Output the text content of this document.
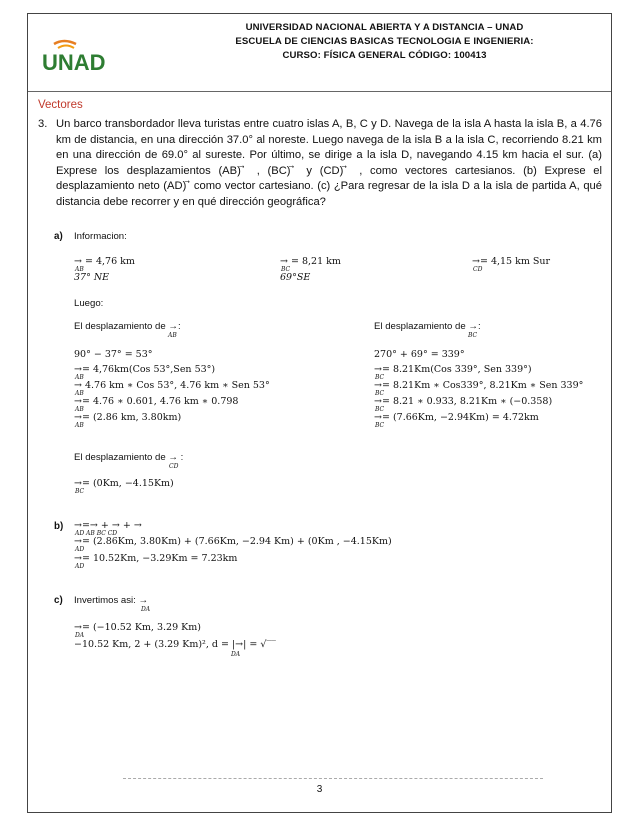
UNAD
UNIVERSIDAD NACIONAL ABIERTA Y A DISTANCIA – UNAD
ESCUELA DE CIENCIAS BASICAS TECNOLOGIA E INGENIERIA:
CURSO: FÍSICA GENERAL CÓDIGO: 100413
Vectores
3. Un barco transbordador lleva turistas entre cuatro islas A, B, C y D. Navega de la isla A hasta la isla B, a 4.76 km de distancia, en una dirección 37.0° al noreste. Luego navega de la isla B a la isla C, recorriendo 8.21 km en una dirección de 69.0° al sureste. Por último, se dirige a la isla D, navegando 4.15 km hacia el sur. (a) Exprese los desplazamientos (AB) ⃗ , (BC) ⃗ y (CD) ⃗ , como vectores cartesianos. (b) Exprese el desplazamiento neto (AD) ⃗ como vector cartesiano. (c) ¿Para regresar de la isla D a la isla de partida A, qué distancia debe recorrer y en qué dirección geográfica?
a) Informacion:
→ = 4,76 km
AB
37° NE
→ = 8,21 km
BC
69°SE
→= 4,15 km Sur
CD
Luego:
El desplazamiento de →:
AB
El desplazamiento de →:
BC
90° − 37° = 53°
→= 4,76km(Cos 53°,Sen 53°)
AB
→ 4.76 km ∗ Cos 53°, 4.76 km ∗ Sen 53°
AB
→= 4.76 ∗ 0.601, 4.76 km ∗ 0.798
AB
→= (2.86 km, 3.80km)
AB
270° + 69° = 339°
→= 8.21Km(Cos 339°, Sen 339°)
BC
→= 8.21Km ∗ Cos339°, 8.21Km ∗ Sen 339°
BC
→= 8.21 ∗ 0.933, 8.21Km ∗ (−0.358)
BC
→= (7.66Km, −2.94Km) = 4.72km
BC
El desplazamiento de → :
CD
→= (0Km, −4.15Km)
BC
b) →=→ + → + →
AD AB BC CD
→= (2.86Km, 3.80Km) + (7.66Km, −2.94 Km) + (0Km , −4.15Km)
AD
→= 10.52Km, −3.29Km = 7.23km
AD
c) Invertimos asi: →
DA
→= (−10.52 Km, 3.29 Km)
DA
−10.52 Km, 2 + (3.29 Km)², d = |→| = √‾‾
DA
3
